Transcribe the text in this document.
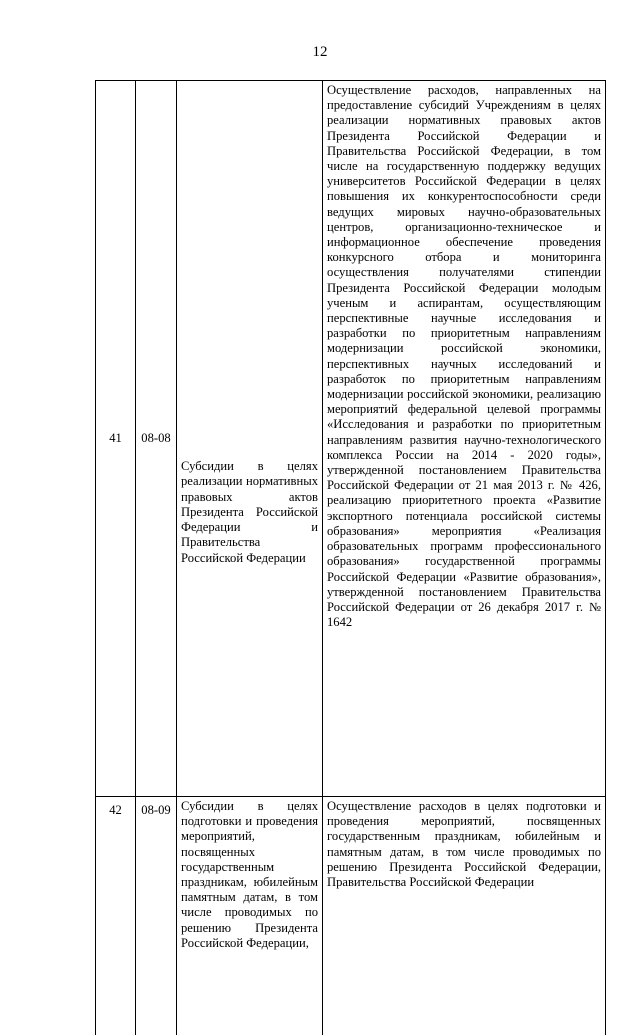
12
41	08-08	Субсидии в целях реализации нормативных правовых актов Президента Российской Федерации и Правительства Российской Федерации	Осуществление расходов, направленных на предоставление субсидий Учреждениям в целях реализации нормативных правовых актов Президента Российской Федерации и Правительства Российской Федерации, в том числе на государственную поддержку ведущих университетов Российской Федерации в целях повышения их конкурентоспособности среди ведущих мировых научно-образовательных центров, организационно-техническое и информационное обеспечение проведения конкурсного отбора и мониторинга осуществления получателями стипендии Президента Российской Федерации молодым ученым и аспирантам, осуществляющим перспективные научные исследования и разработки по приоритетным направлениям модернизации российской экономики, перспективных научных исследований и разработок по приоритетным направлениям модернизации российской экономики, реализацию мероприятий федеральной целевой программы «Исследования и разработки по приоритетным направлениям развития научно-технологического комплекса России на 2014 - 2020 годы», утвержденной постановлением Правительства Российской Федерации от 21 мая 2013 г. № 426, реализацию приоритетного проекта «Развитие экспортного потенциала российской системы образования» мероприятия «Реализация образовательных программ профессионального образования» государственной программы Российской Федерации «Развитие образования», утвержденной постановлением Правительства Российской Федерации от 26 декабря 2017 г. № 1642
42	08-09	Субсидии в целях подготовки и проведения мероприятий, посвященных государственным праздникам, юбилейным памятным датам, в том числе проводимых по решению Президента Российской Федерации,	Осуществление расходов в целях подготовки и проведения мероприятий, посвященных государственным праздникам, юбилейным и памятным датам, в том числе проводимых по решению Президента Российской Федерации, Правительства Российской Федерации
